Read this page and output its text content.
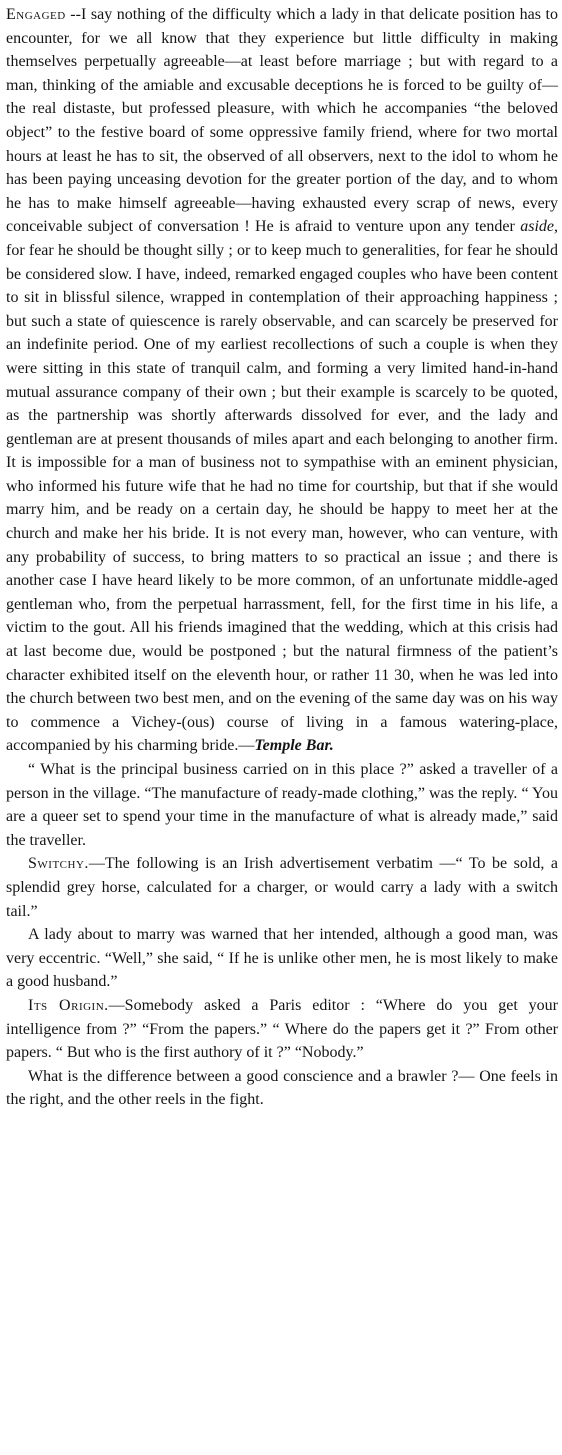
Engaged --I say nothing of the difficulty which a lady in that delicate position has to encounter, for we all know that they experience but little difficulty in making themselves perpetually agreeable—at least before marriage ; but with regard to a man, thinking of the amiable and excusable deceptions he is forced to be guilty of—the real distaste, but professed pleasure, with which he accompanies “the beloved object” to the festive board of some oppressive family friend, where for two mortal hours at least he has to sit, the observed of all observers, next to the idol to whom he has been paying unceasing devotion for the greater portion of the day, and to whom he has to make himself agreeable—having exhausted every scrap of news, every conceivable subject of conversation ! He is afraid to venture upon any tender aside, for fear he should be thought silly ; or to keep much to generalities, for fear he should be considered slow. I have, indeed, remarked engaged couples who have been content to sit in blissful silence, wrapped in contemplation of their approaching happiness ; but such a state of quiescence is rarely observable, and can scarcely be preserved for an indefinite period. One of my earliest recollections of such a couple is when they were sitting in this state of tranquil calm, and forming a very limited hand-in-hand mutual assurance company of their own ; but their example is scarcely to be quoted, as the partnership was shortly afterwards dissolved for ever, and the lady and gentleman are at present thousands of miles apart and each belonging to another firm. It is impossible for a man of business not to sympathise with an eminent physician, who informed his future wife that he had no time for courtship, but that if she would marry him, and be ready on a certain day, he should be happy to meet her at the church and make her his bride. It is not every man, however, who can venture, with any probability of success, to bring matters to so practical an issue ; and there is another case I have heard likely to be more common, of an unfortunate middle-aged gentleman who, from the perpetual harrassment, fell, for the first time in his life, a victim to the gout. All his friends imagined that the wedding, which at this crisis had at last become due, would be postponed ; but the natural firmness of the patient’s character exhibited itself on the eleventh hour, or rather 11 30, when he was led into the church between two best men, and on the evening of the same day was on his way to commence a Vichey-(ous) course of living in a famous watering-place, accompanied by his charming bride.—Temple Bar.

“ What is the principal business carried on in this place ?” asked a traveller of a person in the village. “The manufacture of ready-made clothing,” was the reply. “ You are a queer set to spend your time in the manufacture of what is already made,” said the traveller.

Switchy.—The following is an Irish advertisement verbatim —“ To be sold, a splendid grey horse, calculated for a charger, or would carry a lady with a switch tail.”

A lady about to marry was warned that her intended, although a good man, was very eccentric. “Well,” she said, “ If he is unlike other men, he is most likely to make a good husband.”

Its Origin.—Somebody asked a Paris editor : “Where do you get your intelligence from ?” “From the papers.” “ Where do the papers get it ?” From other papers. “ But who is the first authory of it ?” “Nobody.”

What is the difference between a good conscience and a brawler ?— One feels in the right, and the other reels in the fight.
